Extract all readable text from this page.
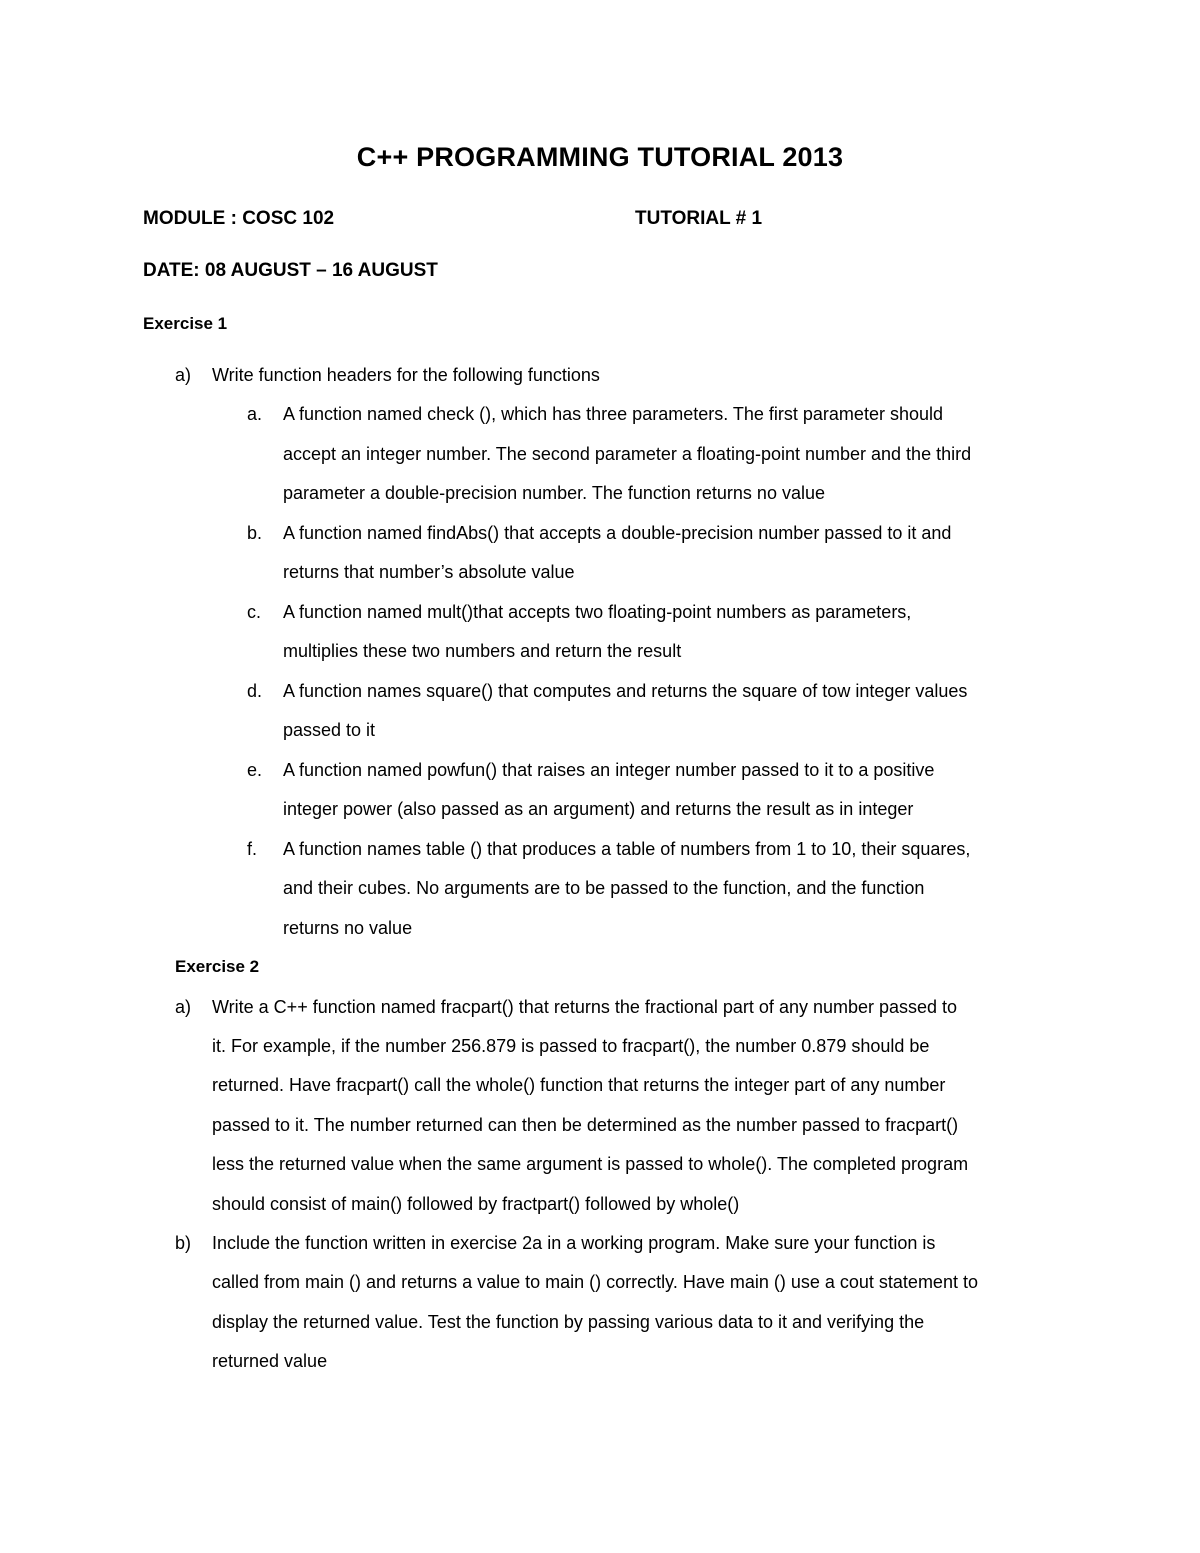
C++ PROGRAMMING TUTORIAL 2013
MODULE : COSC 102	TUTORIAL # 1
DATE: 08 AUGUST – 16 AUGUST
Exercise 1
a) Write function headers for the following functions
a. A function named check (), which has three parameters. The first parameter should
accept an integer number. The second parameter a floating-point number and the third
parameter a double-precision number. The function returns no value
b. A function named findAbs() that accepts a double-precision number passed to it and
returns that number’s absolute value
c. A function named mult()that accepts two floating-point numbers as parameters,
multiplies these two numbers and return the result
d. A function names square() that computes and returns the square of tow integer values
passed to it
e. A function named powfun() that raises an integer number passed to it to a positive
integer power (also passed as an argument) and returns the result as in integer
f. A function names table () that produces a table of numbers from 1 to 10, their squares,
and their cubes. No arguments are to be passed to the function, and the function
returns no value
Exercise 2
a) Write a C++ function named fracpart() that returns the fractional part of any number passed to
it. For example, if the number 256.879 is passed to fracpart(), the number 0.879 should be
returned. Have fracpart() call the whole() function that returns the integer part of any number
passed to it. The number returned can then be determined as the number passed to fracpart()
less the returned value when the same argument is passed to whole(). The completed program
should consist of main() followed by fractpart() followed by whole()
b) Include the function written in exercise 2a in a working program. Make sure your function is
called from main () and returns a value to main () correctly. Have main () use a cout statement to
display the returned value. Test the function by passing various data to it and verifying the
returned value
